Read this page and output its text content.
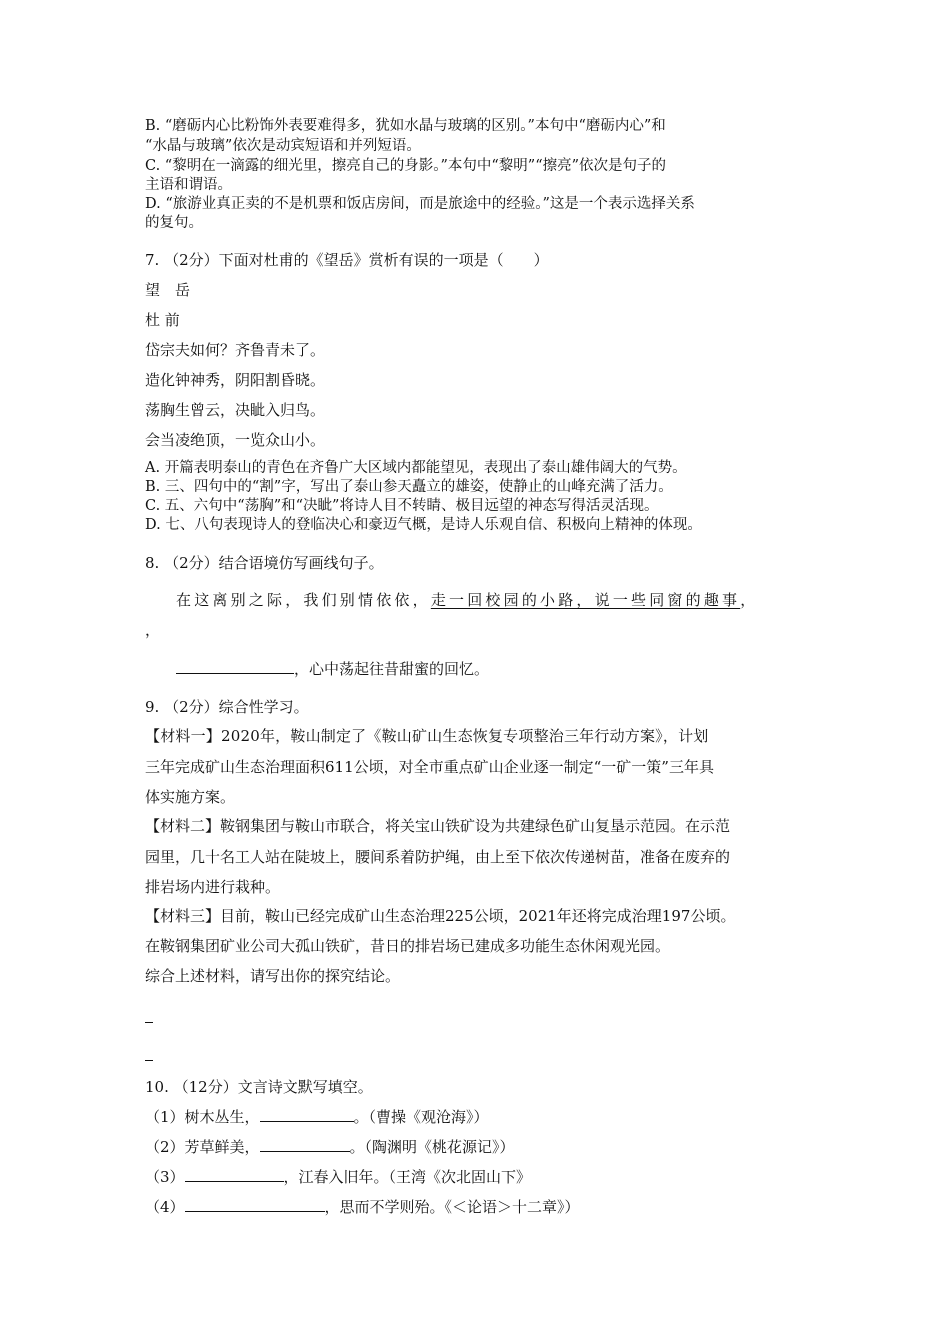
B. “磨砺内心比粉饰外表要难得多，犹如水晶与玻璃的区别。”本句中“磨砺内心”和
“水晶与玻璃”依次是动宾短语和并列短语。
C. “黎明在一滴露的细光里，擦亮自己的身影。”本句中“黎明”“擦亮”依次是句子的
主语和谓语。
D. “旅游业真正卖的不是机票和饭店房间，而是旅途中的经验。”这是一个表示选择关系
的复句。
7. （2分）下面对杜甫的《望岳》赏析有误的一项是（　　）
望　岳
杜 前
岱宗夫如何？齐鲁青未了。
造化钟神秀，阴阳割昏晓。
荡胸生曾云，决眦入归鸟。
会当凌绝顶，一览众山小。
A. 开篇表明泰山的青色在齐鲁广大区域内都能望见，表现出了泰山雄伟阔大的气势。
B. 三、四句中的“割”字，写出了泰山参天矗立的雄姿，使静止的山峰充满了活力。
C. 五、六句中“荡胸”和“决眦”将诗人目不转睛、极目远望的神态写得活灵活现。
D. 七、八句表现诗人的登临决心和豪迈气概，是诗人乐观自信、积极向上精神的体现。
8. （2分）结合语境仿写画线句子。
在这离别之际，我们别情依依，走一回校园的小路，说一些同窗的趣事，
，
，心中荡起往昔甜蜜的回忆。
9. （2分）综合性学习。
【材料一】2020年，鞍山制定了《鞍山矿山生态恢复专项整治三年行动方案》，计划
三年完成矿山生态治理面积611公顷，对全市重点矿山企业逐一制定“一矿一策”三年具
体实施方案。
【材料二】鞍钢集团与鞍山市联合，将关宝山铁矿设为共建绿色矿山复垦示范园。在示范
园里，几十名工人站在陡坡上，腰间系着防护绳，由上至下依次传递树苗，准备在废弃的
排岩场内进行栽种。
【材料三】目前，鞍山已经完成矿山生态治理225公顷，2021年还将完成治理197公顷。
在鞍钢集团矿业公司大孤山铁矿，昔日的排岩场已建成多功能生态休闲观光园。
综合上述材料，请写出你的探究结论。
10. （12分）文言诗文默写填空。
（1）树木丛生，	。（曹操《观沧海》）
（2）芳草鲜美，	。（陶渊明《桃花源记》）
（3）	，江春入旧年。（王湾《次北固山下》
（4）	，思而不学则殆。《＜论语＞十二章》）
